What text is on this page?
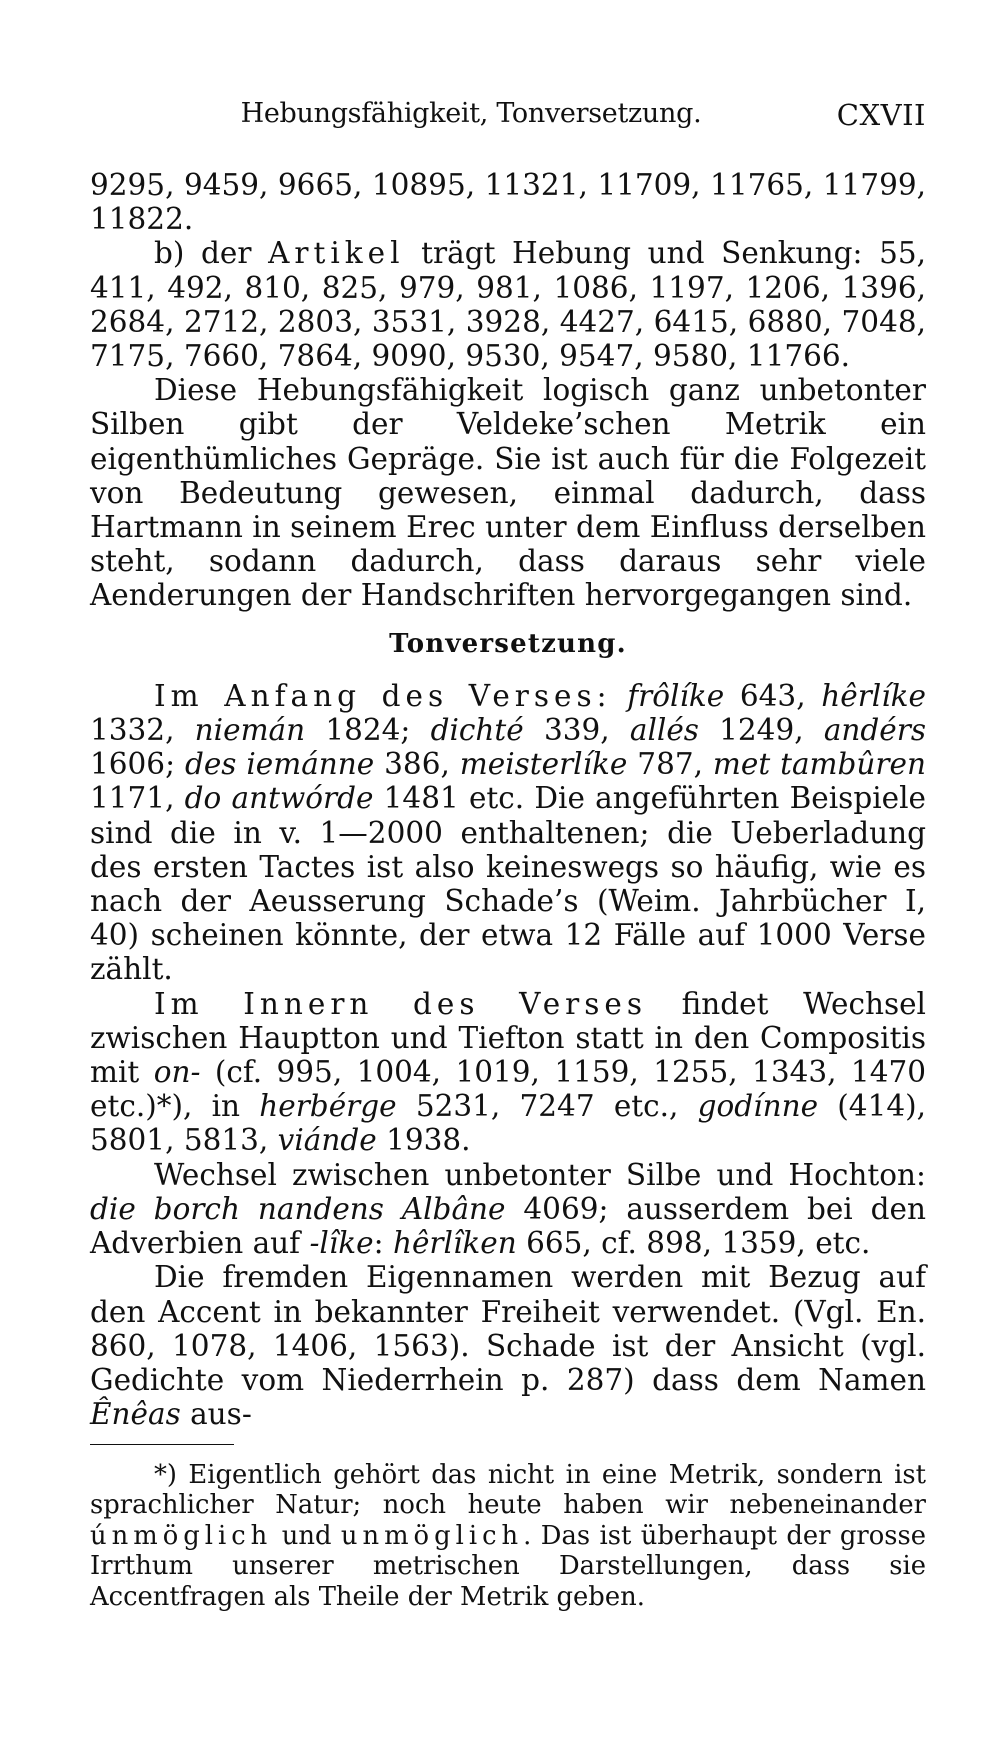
Hebungsfähigkeit, Tonversetzung.	CXVII

9295, 9459, 9665, 10895, 11321, 11709, 11765, 11799, 11822.

b) der Artikel trägt Hebung und Senkung: 55, 411, 492, 810, 825, 979, 981, 1086, 1197, 1206, 1396, 2684, 2712, 2803, 3531, 3928, 4427, 6415, 6880, 7048, 7175, 7660, 7864, 9090, 9530, 9547, 9580, 11766.

Diese Hebungsfähigkeit logisch ganz unbetonter Silben gibt der Veldeke’schen Metrik ein eigenthümliches Gepräge. Sie ist auch für die Folgezeit von Bedeutung gewesen, einmal dadurch, dass Hartmann in seinem Erec unter dem Einfluss derselben steht, sodann dadurch, dass daraus sehr viele Aenderungen der Handschriften hervorgegangen sind.

Tonversetzung.

Im Anfang des Verses: frôlíke 643, hêrlíke 1332, niemán 1824; dichté 339, allés 1249, andérs 1606; des iemánne 386, meisterlíke 787, met tambûren 1171, do antwórde 1481 etc. Die angeführten Beispiele sind die in v. 1—2000 enthaltenen; die Ueberladung des ersten Tactes ist also keineswegs so häufig, wie es nach der Aeusserung Schade’s (Weim. Jahrbücher I, 40) scheinen könnte, der etwa 12 Fälle auf 1000 Verse zählt.

Im Innern des Verses findet Wechsel zwischen Hauptton und Tiefton statt in den Compositis mit on- (cf. 995, 1004, 1019, 1159, 1255, 1343, 1470 etc.)*), in herbérge 5231, 7247 etc., godínne (414), 5801, 5813, viánde 1938.

Wechsel zwischen unbetonter Silbe und Hochton: die borch nandens Albâne 4069; ausserdem bei den Adverbien auf -lîke: hêrlîken 665, cf. 898, 1359, etc.

Die fremden Eigennamen werden mit Bezug auf den Accent in bekannter Freiheit verwendet. (Vgl. En. 860, 1078, 1406, 1563). Schade ist der Ansicht (vgl. Gedichte vom Niederrhein p. 287) dass dem Namen Ênêas aus-

*) Eigentlich gehört das nicht in eine Metrik, sondern ist sprachlicher Natur; noch heute haben wir nebeneinander únmöglich und unmöglich. Das ist überhaupt der grosse Irrthum unserer metrischen Darstellungen, dass sie Accentfragen als Theile der Metrik geben.
